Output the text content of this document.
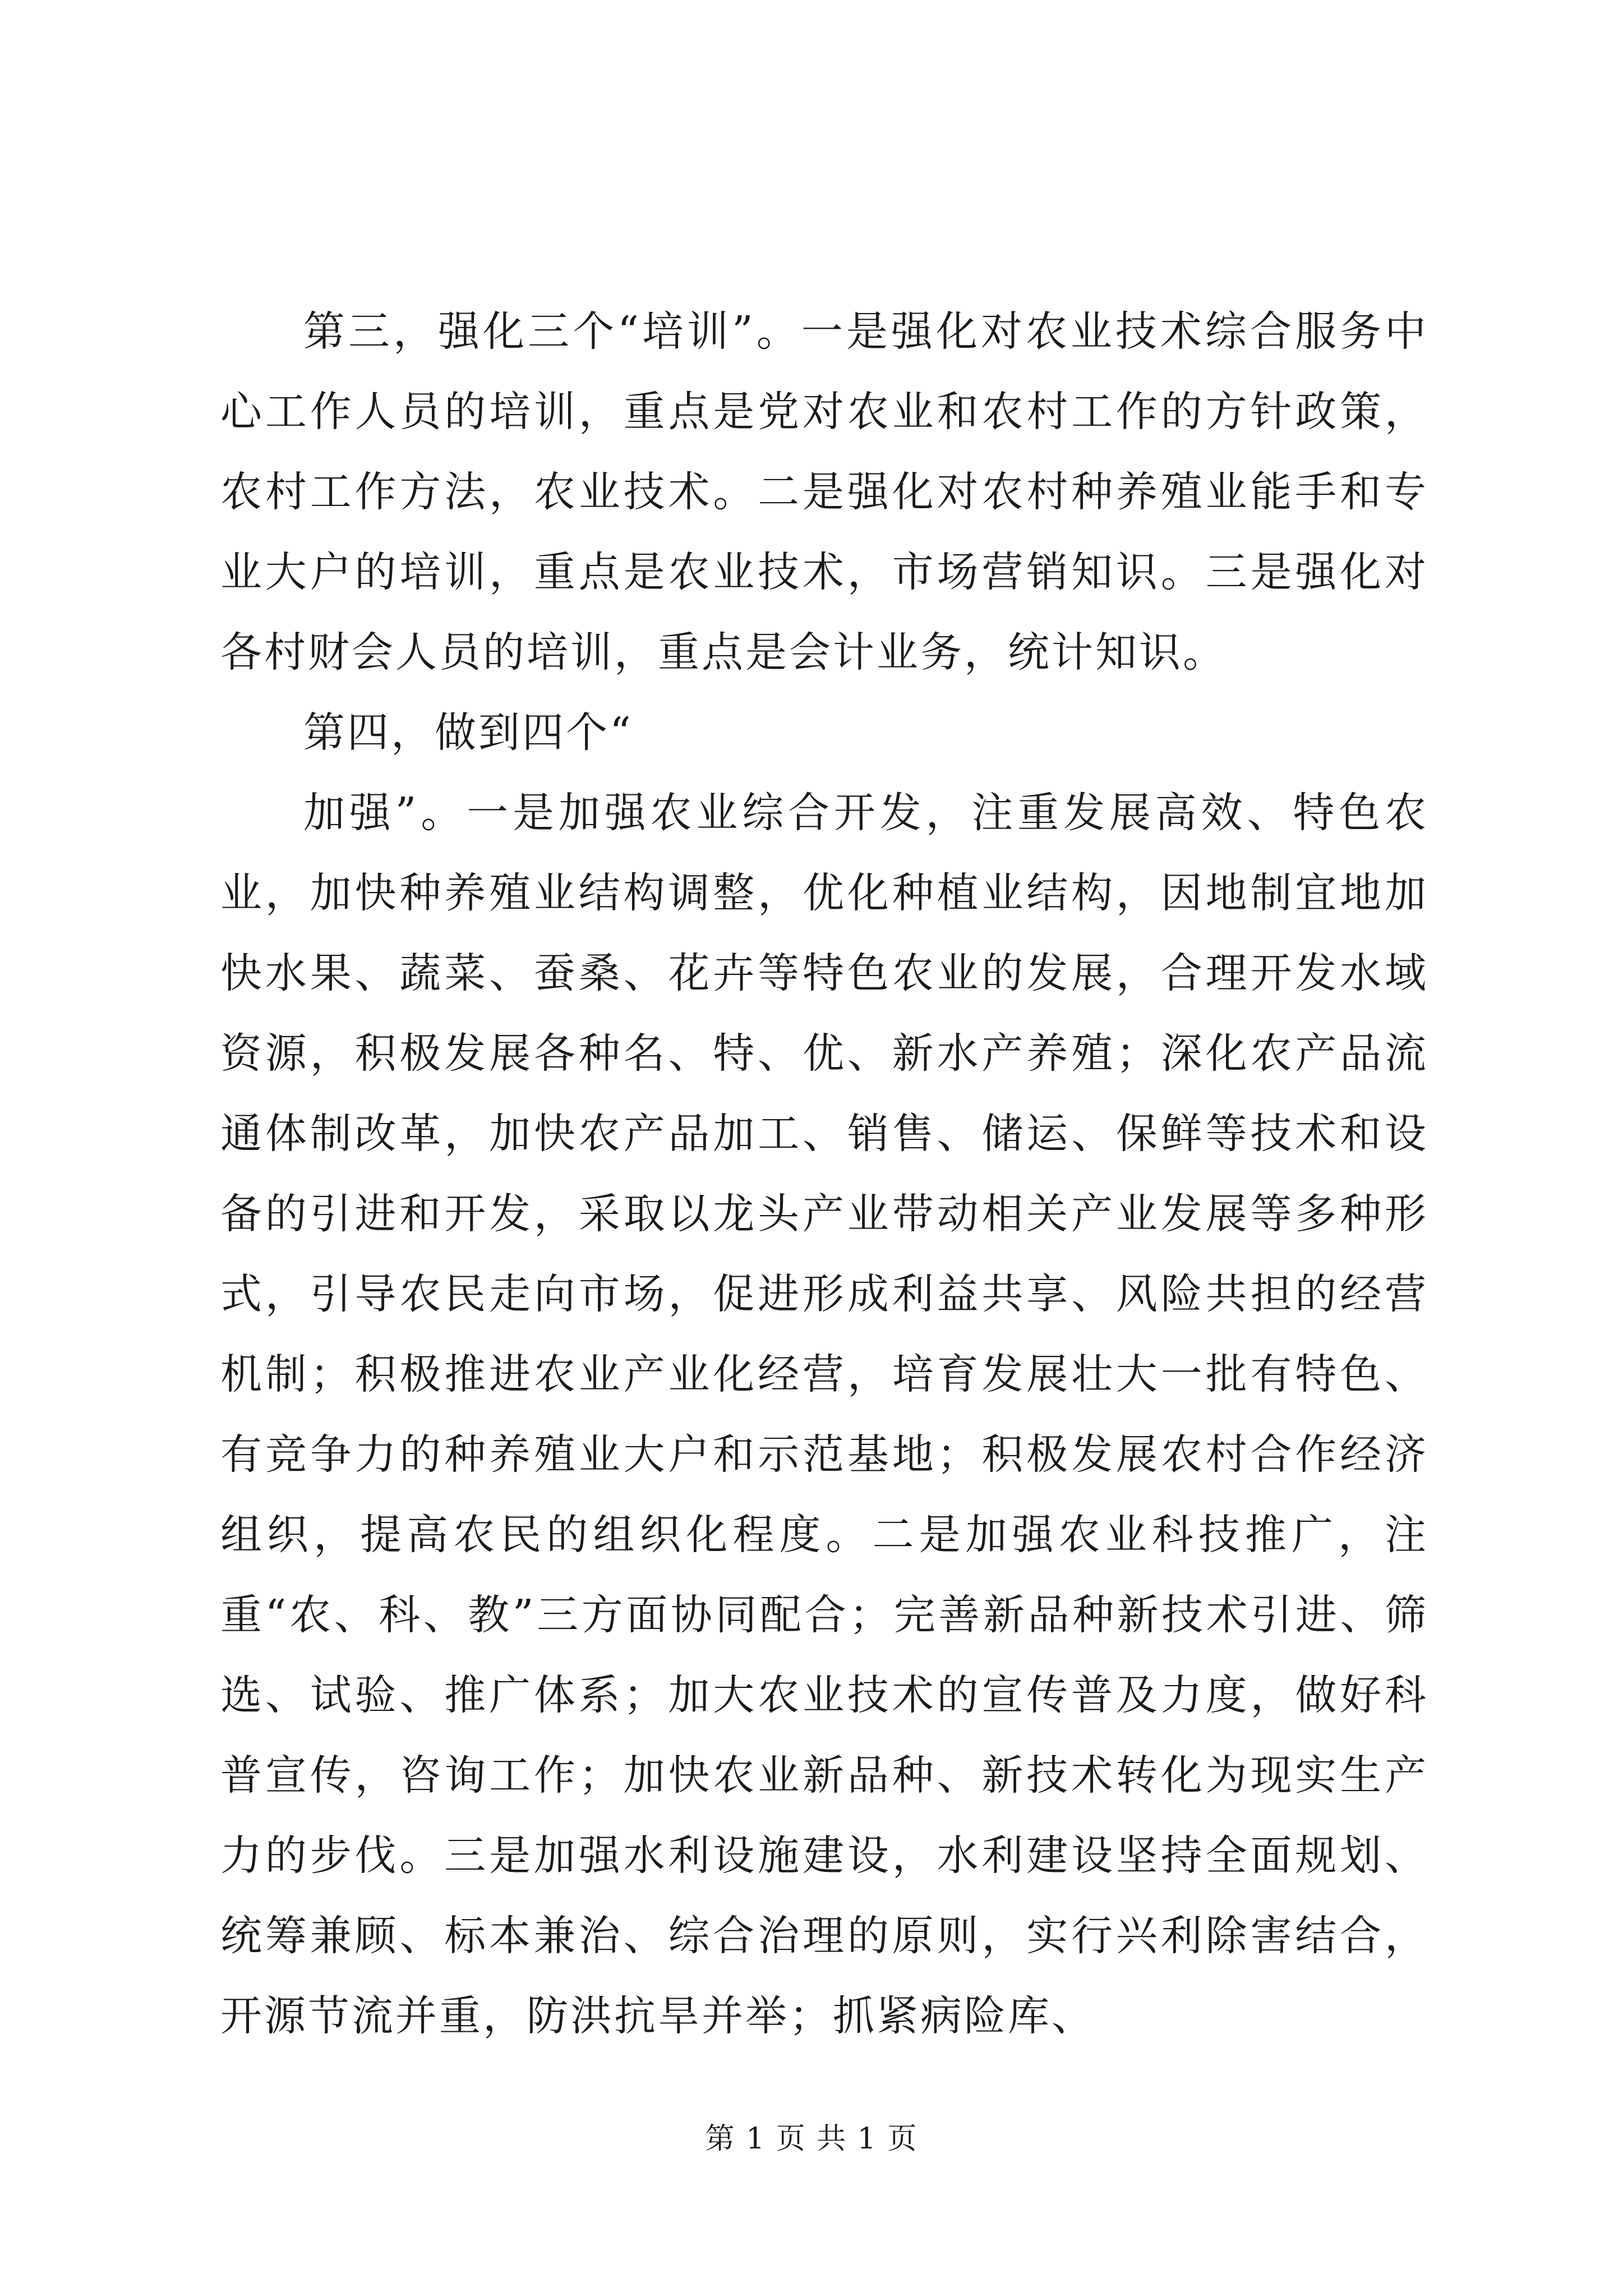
第三，强化三个“培训”。一是强化对农业技术综合服务中心工作人员的培训，重点是党对农业和农村工作的方针政策，农村工作方法，农业技术。二是强化对农村种养殖业能手和专业大户的培训，重点是农业技术，市场营销知识。三是强化对各村财会人员的培训，重点是会计业务，统计知识。

第四，做到四个“

加强”。一是加强农业综合开发，注重发展高效、特色农业，加快种养殖业结构调整，优化种植业结构，因地制宜地加快水果、蔬菜、蚕桑、花卉等特色农业的发展，合理开发水域资源，积极发展各种名、特、优、新水产养殖；深化农产品流通体制改革，加快农产品加工、销售、储运、保鲜等技术和设备的引进和开发，采取以龙头产业带动相关产业发展等多种形式，引导农民走向市场，促进形成利益共享、风险共担的经营机制；积极推进农业产业化经营，培育发展壮大一批有特色、有竞争力的种养殖业大户和示范基地；积极发展农村合作经济组织，提高农民的组织化程度。二是加强农业科技推广，注重“农、科、教”三方面协同配合；完善新品种新技术引进、筛选、试验、推广体系；加大农业技术的宣传普及力度，做好科普宣传，咨询工作；加快农业新品种、新技术转化为现实生产力的步伐。三是加强水利设施建设，水利建设坚持全面规划、统筹兼顾、标本兼治、综合治理的原则，实行兴利除害结合，开源节流并重，防洪抗旱并举；抓紧病险库、

第 1 页 共 1 页
